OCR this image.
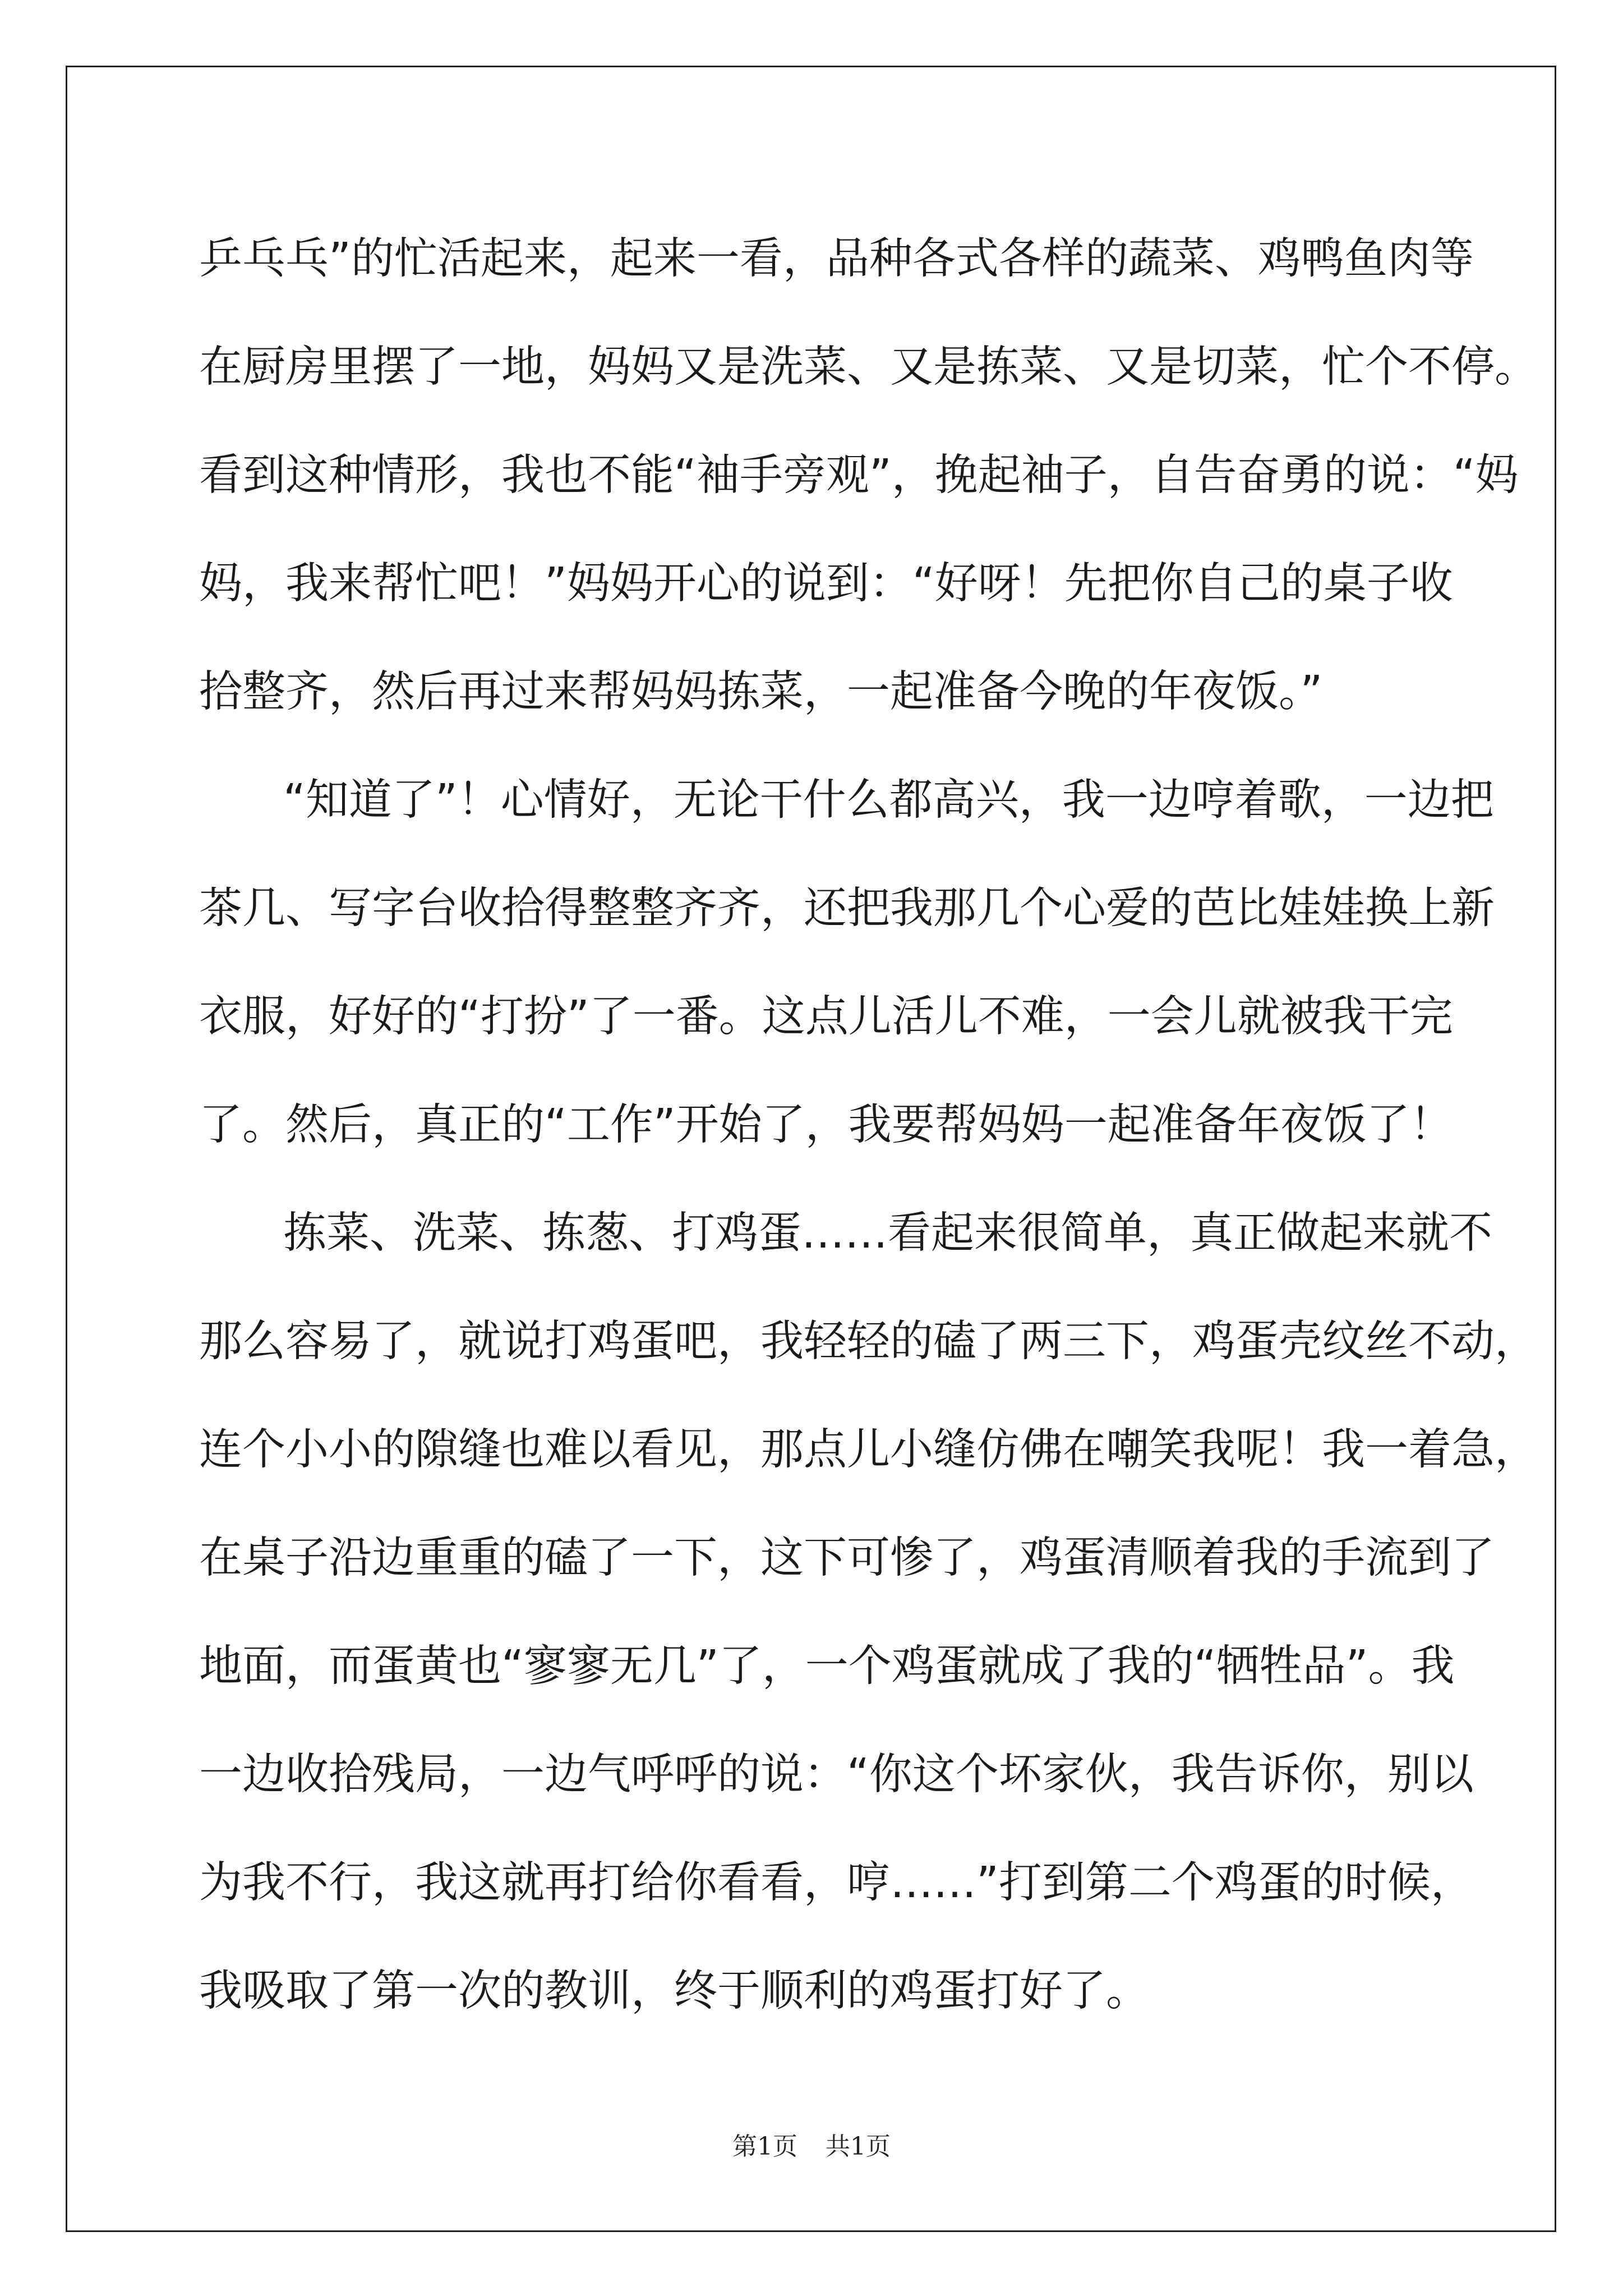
乒乓乓”的忙活起来，起来一看，品种各式各样的蔬菜、鸡鸭鱼肉等
在厨房里摆了一地，妈妈又是洗菜、又是拣菜、又是切菜，忙个不停。
看到这种情形，我也不能“袖手旁观”，挽起袖子，自告奋勇的说：“妈
妈，我来帮忙吧！”妈妈开心的说到：“好呀！先把你自己的桌子收
拾整齐，然后再过来帮妈妈拣菜，一起准备今晚的年夜饭。”
“知道了”！心情好，无论干什么都高兴，我一边哼着歌，一边把
茶几、写字台收拾得整整齐齐，还把我那几个心爱的芭比娃娃换上新
衣服，好好的“打扮”了一番。这点儿活儿不难，一会儿就被我干完
了。然后，真正的“工作”开始了，我要帮妈妈一起准备年夜饭了！
拣菜、洗菜、拣葱、打鸡蛋……看起来很简单，真正做起来就不
那么容易了，就说打鸡蛋吧，我轻轻的磕了两三下，鸡蛋壳纹丝不动，
连个小小的隙缝也难以看见，那点儿小缝仿佛在嘲笑我呢！我一着急，
在桌子沿边重重的磕了一下，这下可惨了，鸡蛋清顺着我的手流到了
地面，而蛋黄也“寥寥无几”了，一个鸡蛋就成了我的“牺牲品”。我
一边收拾残局，一边气呼呼的说：“你这个坏家伙，我告诉你，别以
为我不行，我这就再打给你看看，哼……”打到第二个鸡蛋的时候，
我吸取了第一次的教训，终于顺利的鸡蛋打好了。
第1页 共1页
